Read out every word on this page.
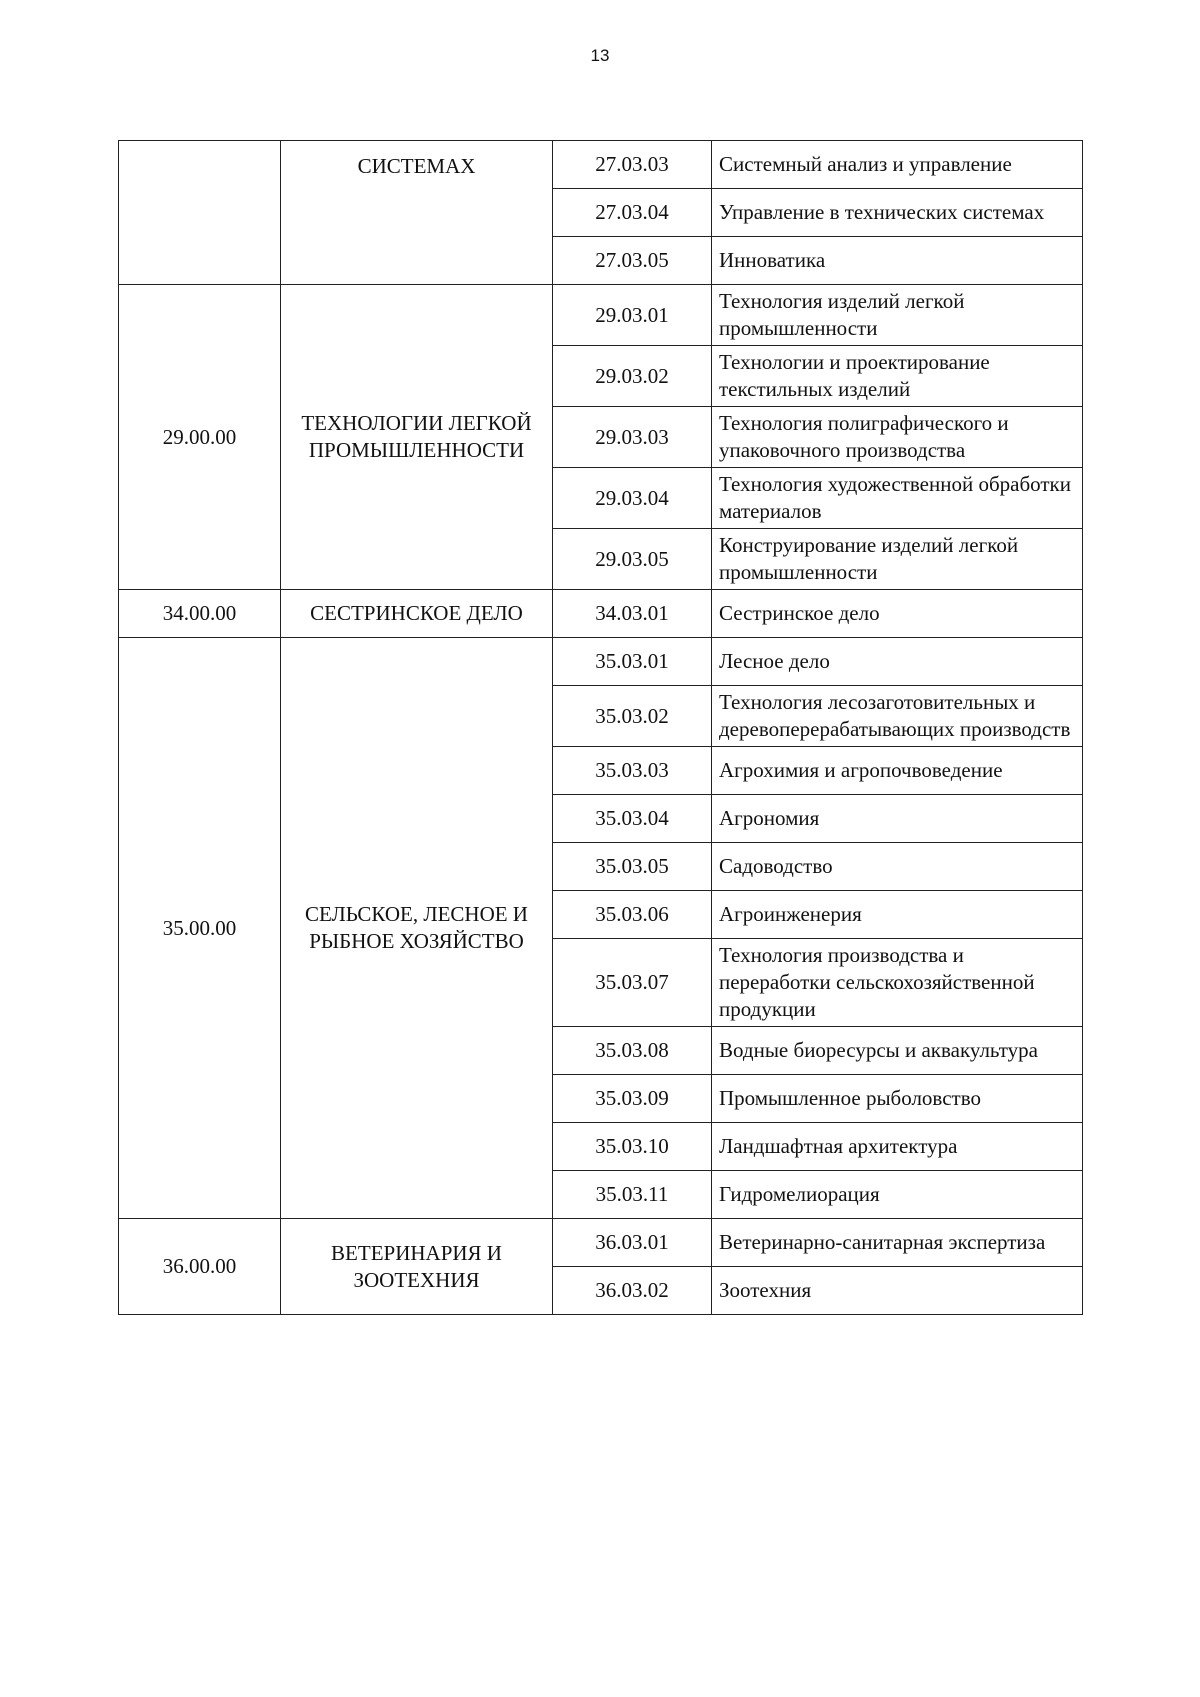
13
	СИСТЕМАХ	27.03.03	Системный анализ и управление
		27.03.04	Управление в технических системах
		27.03.05	Инноватика
29.00.00	ТЕХНОЛОГИИ ЛЕГКОЙ ПРОМЫШЛЕННОСТИ	29.03.01	Технология изделий легкой промышленности
		29.03.02	Технологии и проектирование текстильных изделий
		29.03.03	Технология полиграфического и упаковочного производства
		29.03.04	Технология художественной обработки материалов
		29.03.05	Конструирование изделий легкой промышленности
34.00.00	СЕСТРИНСКОЕ ДЕЛО	34.03.01	Сестринское дело
35.00.00	СЕЛЬСКОЕ, ЛЕСНОЕ И РЫБНОЕ ХОЗЯЙСТВО	35.03.01	Лесное дело
		35.03.02	Технология лесозаготовительных и деревоперерабатывающих производств
		35.03.03	Агрохимия и агропочвоведение
		35.03.04	Агрономия
		35.03.05	Садоводство
		35.03.06	Агроинженерия
		35.03.07	Технология производства и переработки сельскохозяйственной продукции
		35.03.08	Водные биоресурсы и аквакультура
		35.03.09	Промышленное рыболовство
		35.03.10	Ландшафтная архитектура
		35.03.11	Гидромелиорация
36.00.00	ВЕТЕРИНАРИЯ И ЗООТЕХНИЯ	36.03.01	Ветеринарно-санитарная экспертиза
		36.03.02	Зоотехния
